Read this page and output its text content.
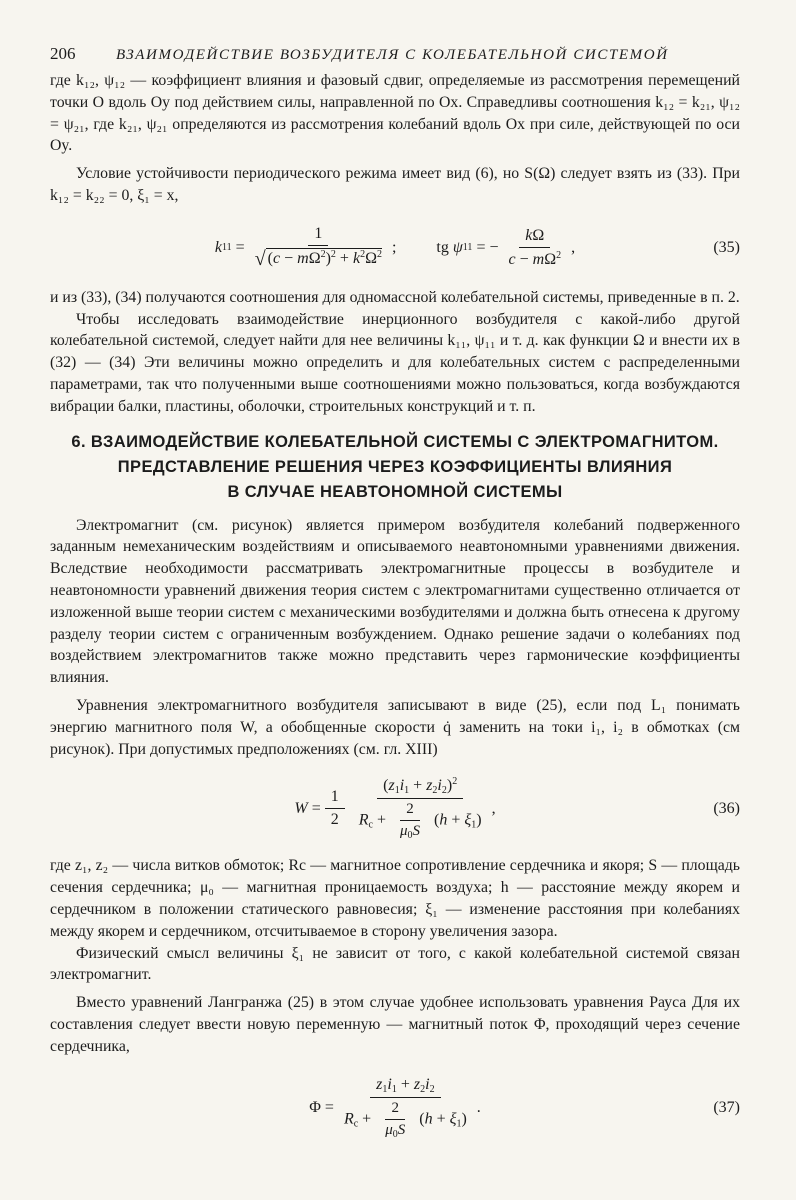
206	ВЗАИМОДЕЙСТВИЕ ВОЗБУДИТЕЛЯ С КОЛЕБАТЕЛЬНОЙ СИСТЕМОЙ

где k₁₂, ψ₁₂ — коэффициент влияния и фазовый сдвиг, определяемые из рассмотрения перемещений точки O вдоль Oy под действием силы, направленной по Ox. Справедливы соотношения k₁₂ = k₂₁, ψ₁₂ = ψ₂₁, где k₂₁, ψ₂₁ определяются из рассмотрения колебаний вдоль Ox при силе, действующей по оси Oy.

Условие устойчивости периодического режима имеет вид (6), но S(Ω) следует взять из (33). При k₁₂ = k₂₂ = 0, ξ₁ = x,

k $11 = \frac{1}{√ (c - m\Omega^2)^2 + k^2\Omega^2}$ ;	tg ψ 11 = − $\frac{k\Omega}{c - m\Omega^2}$ ,	(35)

и из (33), (34) получаются соотношения для одномассной колебательной системы, приведенные в п. 2.

Чтобы исследовать взаимодействие инерционного возбудителя с какой-либо другой колебательной системой, следует найти для нее величины k₁₁, ψ₁₁ и т. д. как функции Ω и внести их в (32) — (34) Эти величины можно определить и для колебательных систем с распределенными параметрами, так что полученными выше соотношениями можно пользоваться, когда возбуждаются вибрации балки, пластины, оболочки, строительных конструкций и т. п.

6. ВЗАИМОДЕЙСТВИЕ КОЛЕБАТЕЛЬНОЙ СИСТЕМЫ С ЭЛЕКТРОМАГНИТОМ.
ПРЕДСТАВЛЕНИЕ РЕШЕНИЯ ЧЕРЕЗ КОЭФФИЦИЕНТЫ ВЛИЯНИЯ
В СЛУЧАЕ НЕАВТОНОМНОЙ СИСТЕМЫ

Электромагнит (см. рисунок) является примером возбудителя колебаний подверженного заданным немеханическим воздействиям и описываемого неавтономными уравнениями движения. Вследствие необходимости рассматривать электромагнитные процессы в возбудителе и неавтономности уравнений движения теория систем с электромагнитами существенно отличается от изложенной выше теории систем с механическими возбудителями и должна быть отнесена к другому разделу теории систем с ограниченным возбуждением. Однако решение задачи о колебаниях под воздействием электромагнитов также можно представить через гармонические коэффициенты влияния.

Уравнения электромагнитного возбудителя записывают в виде (25), если под L₁ понимать энергию магнитного поля W, а обобщенные скорости q̇ заменить на токи i₁, i₂ в обмотках (см рисунок). При допустимых предположениях (см. гл. XIII)

$W = \frac{1}{2} \frac{(z_1i_1 + z_2i_2)^2}{R_c + \frac{2}{\mu_0S} (h + \xi_1)}$ ,	(36)

где z₁, z₂ — числа витков обмоток; Rc — магнитное сопротивление сердечника и якоря; S — площадь сечения сердечника; μ₀ — магнитная проницаемость воздуха; h — расстояние между якорем и сердечником в положении статического равновесия; ξ₁ — изменение расстояния при колебаниях между якорем и сердечником, отсчитываемое в сторону увеличения зазора.

Физический смысл величины ξ₁ не зависит от того, с какой колебательной системой связан электромагнит.

Вместо уравнений Лангранжа (25) в этом случае удобнее использовать уравнения Рауса Для их составления следует ввести новую переменную — магнитный поток Φ, проходящий через сечение сердечника,

$\Phi = \frac{z_1i_1 + z_2i_2}{R_c + \frac{2}{\mu_0S} (h + \xi_1)}$ .	(37)
